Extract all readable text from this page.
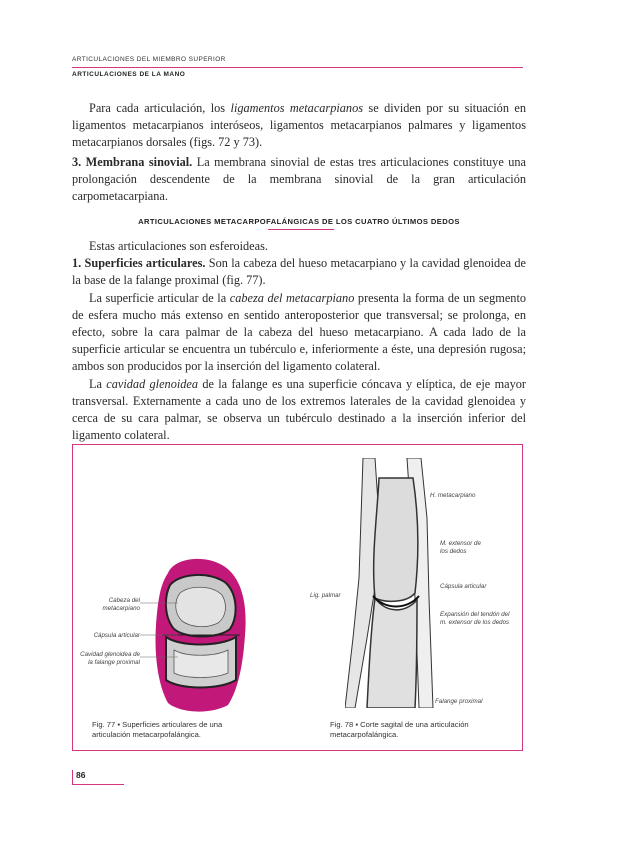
ARTICULACIONES DEL MIEMBRO SUPERIOR
ARTICULACIONES DE LA MANO

Para cada articulación, los ligamentos metacarpianos se dividen por su situación en ligamentos metacarpianos interóseos, ligamentos metacarpianos palmares y ligamentos metacarpianos dorsales (figs. 72 y 73).

3. Membrana sinovial. La membrana sinovial de estas tres articulaciones constituye una prolongación descendente de la membrana sinovial de la gran articulación carpometacarpiana.

ARTICULACIONES METACARPOFALÁNGICAS DE LOS CUATRO ÚLTIMOS DEDOS

Estas articulaciones son esferoideas.

1. Superficies articulares. Son la cabeza del hueso metacarpiano y la cavidad glenoidea de la base de la falange proximal (fig. 77).

La superficie articular de la cabeza del metacarpiano presenta la forma de un segmento de esfera mucho más extenso en sentido anteroposterior que transversal; se prolonga, en efecto, sobre la cara palmar de la cabeza del hueso metacarpiano. A cada lado de la superficie articular se encuentra un tubérculo e, inferiormente a éste, una depresión rugosa; ambos son producidos por la inserción del ligamento colateral.

La cavidad glenoidea de la falange es una superficie cóncava y elíptica, de eje mayor transversal. Externamente a cada uno de los extremos laterales de la cavidad glenoidea y cerca de su cara palmar, se observa un tubérculo destinado a la inserción inferior del ligamento colateral.

Cabeza del metacarpiano
Cápsula articular
Cavidad glenoidea de la falange proximal
H. metacarpiano
M. extensor de los dedos
Cápsula articular
Lig. palmar
Expansión del tendón del m. extensor de los dedos
Falange proximal
Fig. 77 ▪ Superficies articulares de una articulación metacarpofalángica.
Fig. 78 ▪ Corte sagital de una articulación metacarpofalángica.
86
